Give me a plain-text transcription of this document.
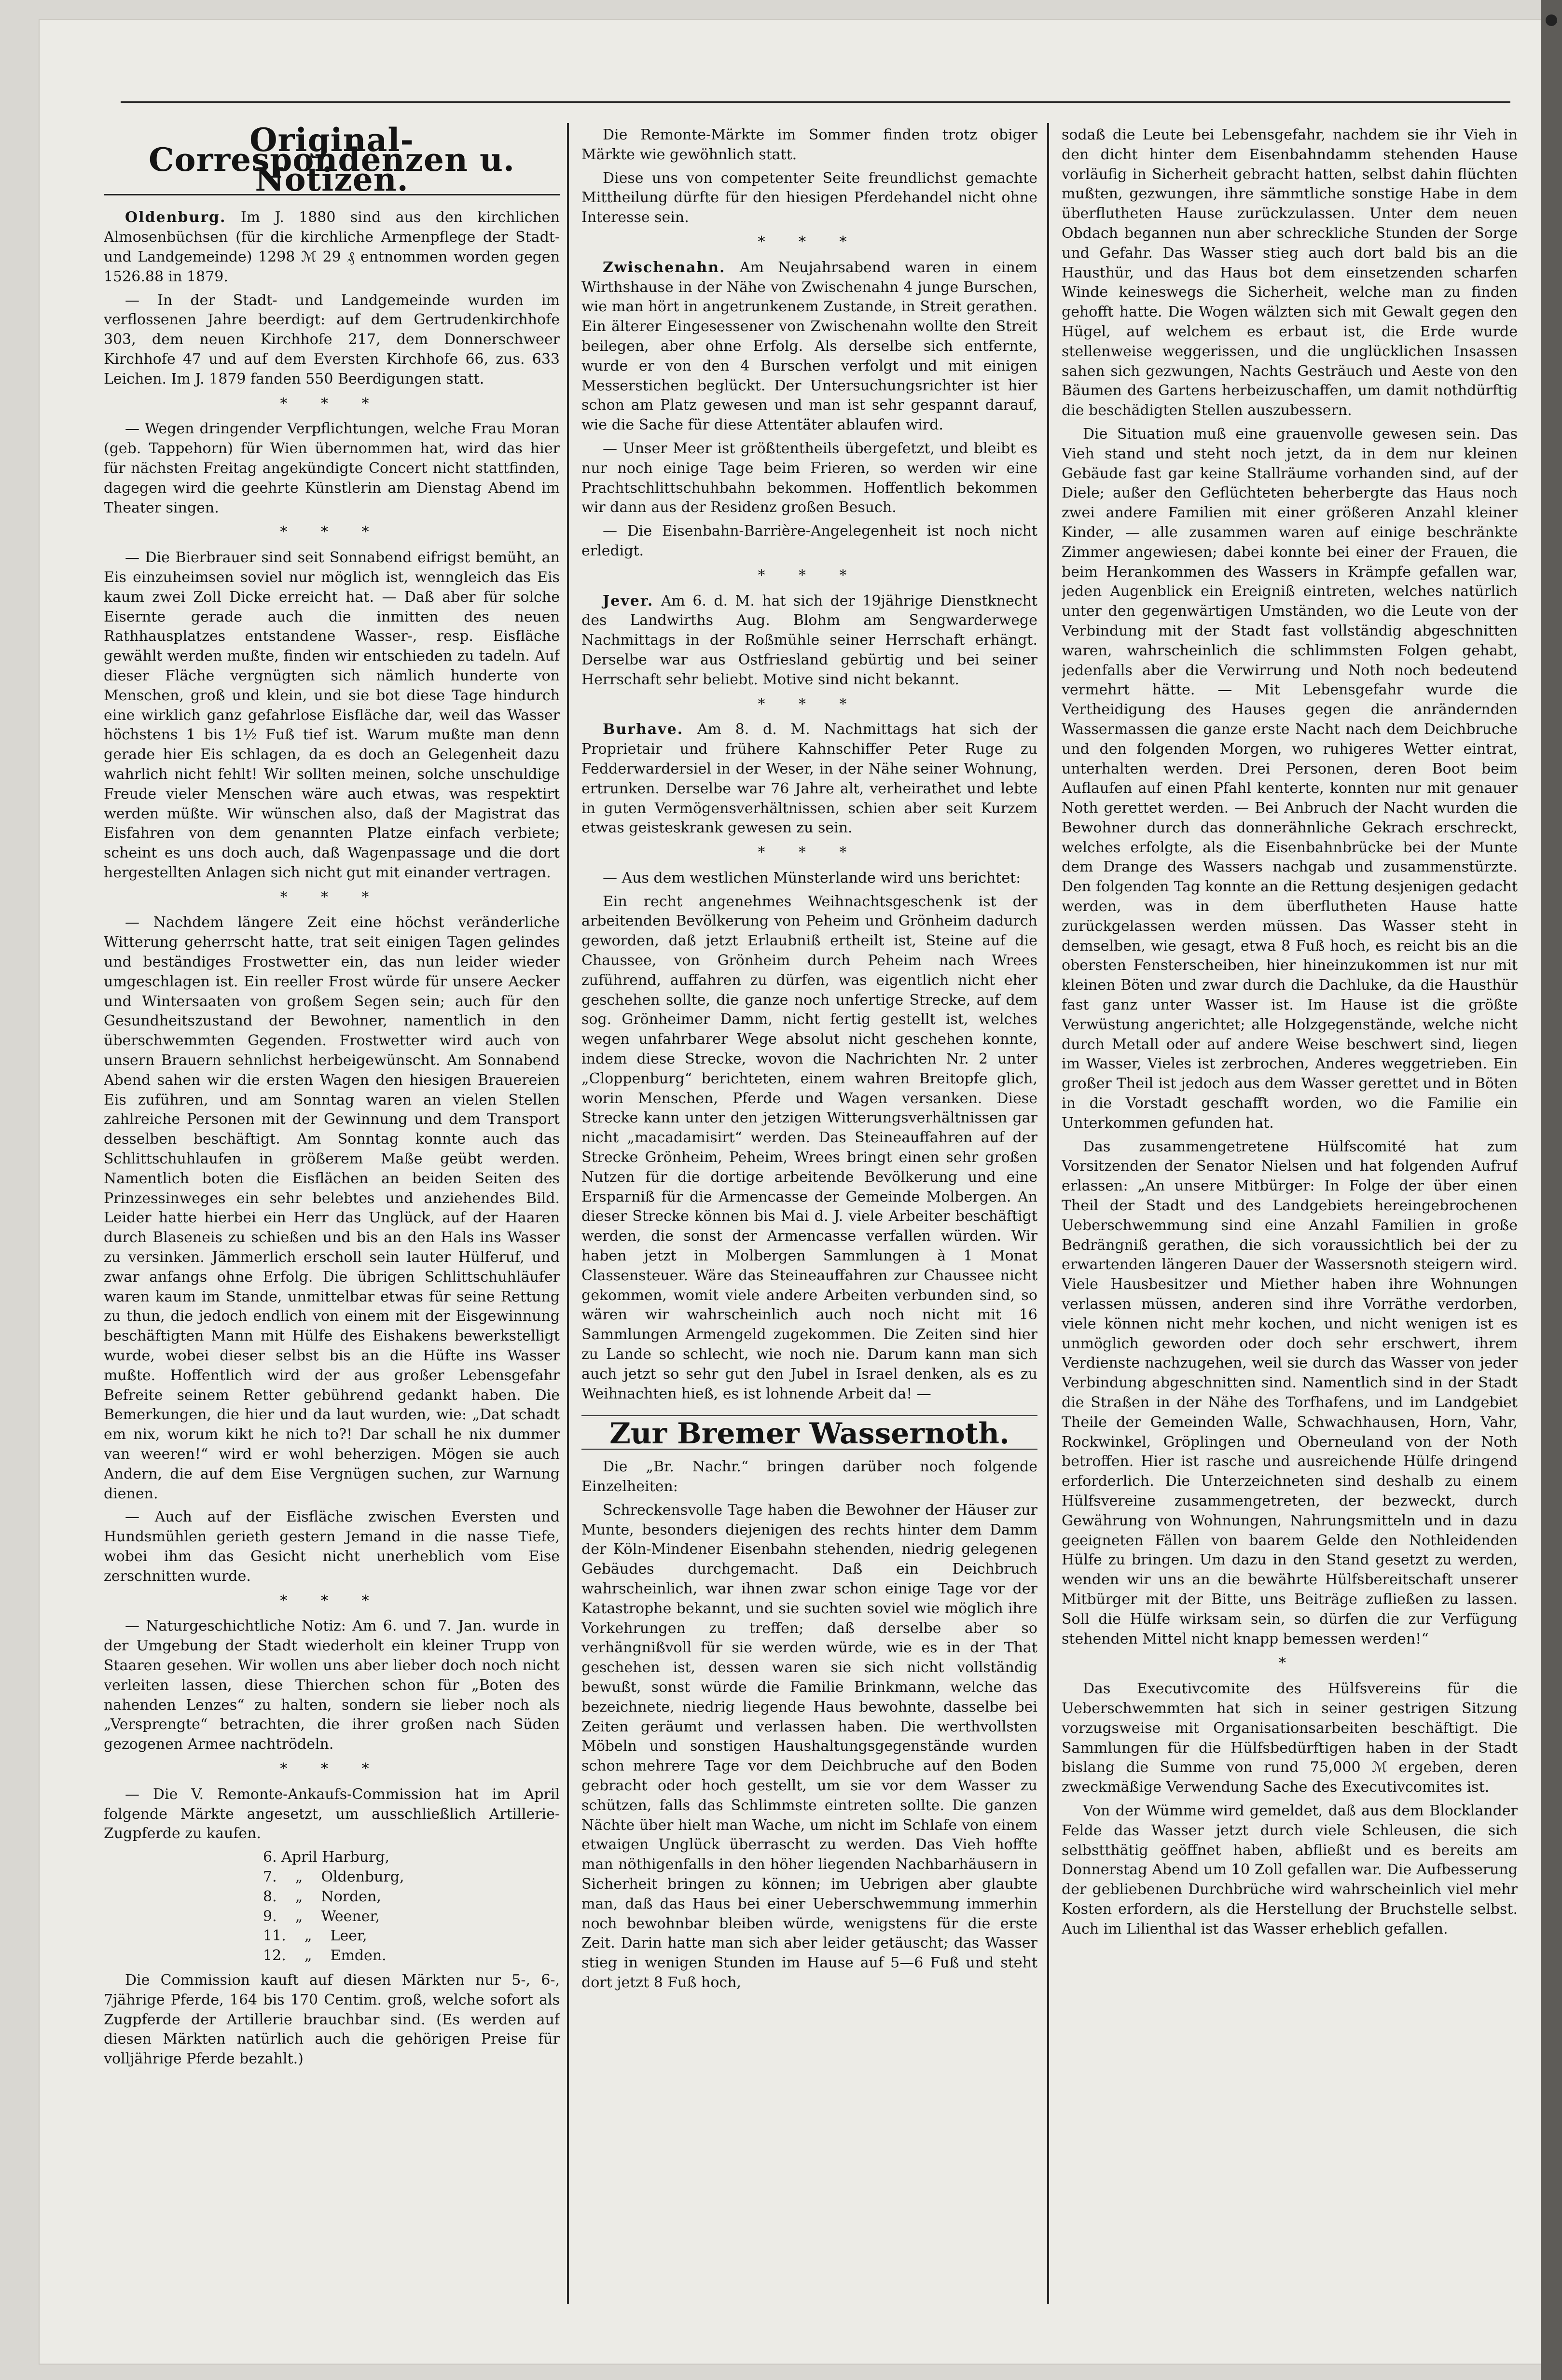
Original-Correspondenzen u. Notizen.

Oldenburg. Im J. 1880 sind aus den kirchlichen Almosenbüchsen (für die kirchliche Armenpflege der Stadt- und Landgemeinde) 1298 ℳ 29 ₰ entnommen worden gegen 1526.88 in 1879.

— In der Stadt- und Landgemeinde wurden im verflossenen Jahre beerdigt: auf dem Gertrudenkirchhofe 303, dem neuen Kirchhofe 217, dem Donnerschweer Kirchhofe 47 und auf dem Eversten Kirchhofe 66, zus. 633 Leichen. Im J. 1879 fanden 550 Beerdigungen statt.

* * *

— Wegen dringender Verpflichtungen, welche Frau Moran (geb. Tappehorn) für Wien übernommen hat, wird das hier für nächsten Freitag angekündigte Concert nicht stattfinden, dagegen wird die geehrte Künstlerin am Dienstag Abend im Theater singen.

* * *

— Die Bierbrauer sind seit Sonnabend eifrigst bemüht, an Eis einzuheimsen soviel nur möglich ist, wenngleich das Eis kaum zwei Zoll Dicke erreicht hat. — Daß aber für solche Eisernte gerade auch die inmitten des neuen Rathhausplatzes entstandene Wasser-, resp. Eisfläche gewählt werden mußte, finden wir entschieden zu tadeln. Auf dieser Fläche vergnügten sich nämlich hunderte von Menschen, groß und klein, und sie bot diese Tage hindurch eine wirklich ganz gefahrlose Eisfläche dar, weil das Wasser höchstens 1 bis 1½ Fuß tief ist. Warum mußte man denn gerade hier Eis schlagen, da es doch an Gelegenheit dazu wahrlich nicht fehlt! Wir sollten meinen, solche unschuldige Freude vieler Menschen wäre auch etwas, was respektirt werden müßte. Wir wünschen also, daß der Magistrat das Eisfahren von dem genannten Platze einfach verbiete; scheint es uns doch auch, daß Wagenpassage und die dort hergestellten Anlagen sich nicht gut mit einander vertragen.

* * *

— Nachdem längere Zeit eine höchst veränderliche Witterung geherrscht hatte, trat seit einigen Tagen gelindes und beständiges Frostwetter ein, das nun leider wieder umgeschlagen ist. Ein reeller Frost würde für unsere Aecker und Wintersaaten von großem Segen sein; auch für den Gesundheitszustand der Bewohner, namentlich in den überschwemmten Gegenden. Frostwetter wird auch von unsern Brauern sehnlichst herbeigewünscht. Am Sonnabend Abend sahen wir die ersten Wagen den hiesigen Brauereien Eis zuführen, und am Sonntag waren an vielen Stellen zahlreiche Personen mit der Gewinnung und dem Transport desselben beschäftigt. Am Sonntag konnte auch das Schlittschuhlaufen in größerem Maße geübt werden. Namentlich boten die Eisflächen an beiden Seiten des Prinzessinweges ein sehr belebtes und anziehendes Bild. Leider hatte hierbei ein Herr das Unglück, auf der Haaren durch Blaseneis zu schießen und bis an den Hals ins Wasser zu versinken. Jämmerlich erscholl sein lauter Hülferuf, und zwar anfangs ohne Erfolg. Die übrigen Schlittschuhläufer waren kaum im Stande, unmittelbar etwas für seine Rettung zu thun, die jedoch endlich von einem mit der Eisgewinnung beschäftigten Mann mit Hülfe des Eishakens bewerkstelligt wurde, wobei dieser selbst bis an die Hüfte ins Wasser mußte. Hoffentlich wird der aus großer Lebensgefahr Befreite seinem Retter gebührend gedankt haben. Die Bemerkungen, die hier und da laut wurden, wie: „Dat schadt em nix, worum kikt he nich to?! Dar schall he nix dummer van weeren!“ wird er wohl beherzigen. Mögen sie auch Andern, die auf dem Eise Vergnügen suchen, zur Warnung dienen.

— Auch auf der Eisfläche zwischen Eversten und Hundsmühlen gerieth gestern Jemand in die nasse Tiefe, wobei ihm das Gesicht nicht unerheblich vom Eise zerschnitten wurde.

* * *

— Naturgeschichtliche Notiz: Am 6. und 7. Jan. wurde in der Umgebung der Stadt wiederholt ein kleiner Trupp von Staaren gesehen. Wir wollen uns aber lieber doch noch nicht verleiten lassen, diese Thierchen schon für „Boten des nahenden Lenzes“ zu halten, sondern sie lieber noch als „Versprengte“ betrachten, die ihrer großen nach Süden gezogenen Armee nachtrödeln.

* * *

— Die V. Remonte-Ankaufs-Commission hat im April folgende Märkte angesetzt, um ausschließlich Artillerie-Zugpferde zu kaufen.

6. April Harburg,
7.    „    Oldenburg,
8.    „    Norden,
9.    „    Weener,
11.    „    Leer,
12.    „    Emden.

Die Commission kauft auf diesen Märkten nur 5-, 6-, 7jährige Pferde, 164 bis 170 Centim. groß, welche sofort als Zugpferde der Artillerie brauchbar sind. (Es werden auf diesen Märkten natürlich auch die gehörigen Preise für volljährige Pferde bezahlt.)

Die Remonte-Märkte im Sommer finden trotz obiger Märkte wie gewöhnlich statt.

Diese uns von competenter Seite freundlichst gemachte Mittheilung dürfte für den hiesigen Pferdehandel nicht ohne Interesse sein.

* * *

Zwischenahn. Am Neujahrsabend waren in einem Wirthshause in der Nähe von Zwischenahn 4 junge Burschen, wie man hört in angetrunkenem Zustande, in Streit gerathen. Ein älterer Eingesessener von Zwischenahn wollte den Streit beilegen, aber ohne Erfolg. Als derselbe sich entfernte, wurde er von den 4 Burschen verfolgt und mit einigen Messerstichen beglückt. Der Untersuchungsrichter ist hier schon am Platz gewesen und man ist sehr gespannt darauf, wie die Sache für diese Attentäter ablaufen wird.

— Unser Meer ist größtentheils übergefetzt, und bleibt es nur noch einige Tage beim Frieren, so werden wir eine Prachtschlittschuhbahn bekommen. Hoffentlich bekommen wir dann aus der Residenz großen Besuch.

— Die Eisenbahn-Barrière-Angelegenheit ist noch nicht erledigt.

* * *

Jever. Am 6. d. M. hat sich der 19jährige Dienstknecht des Landwirths Aug. Blohm am Sengwarderwege Nachmittags in der Roßmühle seiner Herrschaft erhängt. Derselbe war aus Ostfriesland gebürtig und bei seiner Herrschaft sehr beliebt. Motive sind nicht bekannt.

* * *

Burhave. Am 8. d. M. Nachmittags hat sich der Proprietair und frühere Kahnschiffer Peter Ruge zu Fedderwardersiel in der Weser, in der Nähe seiner Wohnung, ertrunken. Derselbe war 76 Jahre alt, verheirathet und lebte in guten Vermögensverhältnissen, schien aber seit Kurzem etwas geisteskrank gewesen zu sein.

* * *

— Aus dem westlichen Münsterlande wird uns berichtet:

Ein recht angenehmes Weihnachtsgeschenk ist der arbeitenden Bevölkerung von Peheim und Grönheim dadurch geworden, daß jetzt Erlaubniß ertheilt ist, Steine auf die Chaussee, von Grönheim durch Peheim nach Wrees zuführend, auffahren zu dürfen, was eigentlich nicht eher geschehen sollte, die ganze noch unfertige Strecke, auf dem sog. Grönheimer Damm, nicht fertig gestellt ist, welches wegen unfahrbarer Wege absolut nicht geschehen konnte, indem diese Strecke, wovon die Nachrichten Nr. 2 unter „Cloppenburg“ berichteten, einem wahren Breitopfe glich, worin Menschen, Pferde und Wagen versanken. Diese Strecke kann unter den jetzigen Witterungsverhältnissen gar nicht „macadamisirt“ werden. Das Steineauffahren auf der Strecke Grönheim, Peheim, Wrees bringt einen sehr großen Nutzen für die dortige arbeitende Bevölkerung und eine Ersparniß für die Armencasse der Gemeinde Molbergen. An dieser Strecke können bis Mai d. J. viele Arbeiter beschäftigt werden, die sonst der Armencasse verfallen würden. Wir haben jetzt in Molbergen Sammlungen à 1 Monat Classensteuer. Wäre das Steineauffahren zur Chaussee nicht gekommen, womit viele andere Arbeiten verbunden sind, so wären wir wahrscheinlich auch noch nicht mit 16 Sammlungen Armengeld zugekommen. Die Zeiten sind hier zu Lande so schlecht, wie noch nie. Darum kann man sich auch jetzt so sehr gut den Jubel in Israel denken, als es zu Weihnachten hieß, es ist lohnende Arbeit da! —

Zur Bremer Wassernoth.

Die „Br. Nachr.“ bringen darüber noch folgende Einzelheiten:

Schreckensvolle Tage haben die Bewohner der Häuser zur Munte, besonders diejenigen des rechts hinter dem Damm der Köln-Mindener Eisenbahn stehenden, niedrig gelegenen Gebäudes durchgemacht. Daß ein Deichbruch wahrscheinlich, war ihnen zwar schon einige Tage vor der Katastrophe bekannt, und sie suchten soviel wie möglich ihre Vorkehrungen zu treffen; daß derselbe aber so verhängnißvoll für sie werden würde, wie es in der That geschehen ist, dessen waren sie sich nicht vollständig bewußt, sonst würde die Familie Brinkmann, welche das bezeichnete, niedrig liegende Haus bewohnte, dasselbe bei Zeiten geräumt und verlassen haben. Die werthvollsten Möbeln und sonstigen Haushaltungsgegenstände wurden schon mehrere Tage vor dem Deichbruche auf den Boden gebracht oder hoch gestellt, um sie vor dem Wasser zu schützen, falls das Schlimmste eintreten sollte. Die ganzen Nächte über hielt man Wache, um nicht im Schlafe von einem etwaigen Unglück überrascht zu werden. Das Vieh hoffte man nöthigenfalls in den höher liegenden Nachbarhäusern in Sicherheit bringen zu können; im Uebrigen aber glaubte man, daß das Haus bei einer Ueberschwemmung immerhin noch bewohnbar bleiben würde, wenigstens für die erste Zeit. Darin hatte man sich aber leider getäuscht; das Wasser stieg in wenigen Stunden im Hause auf 5—6 Fuß und steht dort jetzt 8 Fuß hoch,

sodaß die Leute bei Lebensgefahr, nachdem sie ihr Vieh in den dicht hinter dem Eisenbahndamm stehenden Hause vorläufig in Sicherheit gebracht hatten, selbst dahin flüchten mußten, gezwungen, ihre sämmtliche sonstige Habe in dem überflutheten Hause zurückzulassen. Unter dem neuen Obdach begannen nun aber schreckliche Stunden der Sorge und Gefahr. Das Wasser stieg auch dort bald bis an die Hausthür, und das Haus bot dem einsetzenden scharfen Winde keineswegs die Sicherheit, welche man zu finden gehofft hatte. Die Wogen wälzten sich mit Gewalt gegen den Hügel, auf welchem es erbaut ist, die Erde wurde stellenweise weggerissen, und die unglücklichen Insassen sahen sich gezwungen, Nachts Gesträuch und Aeste von den Bäumen des Gartens herbeizuschaffen, um damit nothdürftig die beschädigten Stellen auszubessern.

Die Situation muß eine grauenvolle gewesen sein. Das Vieh stand und steht noch jetzt, da in dem nur kleinen Gebäude fast gar keine Stallräume vorhanden sind, auf der Diele; außer den Geflüchteten beherbergte das Haus noch zwei andere Familien mit einer größeren Anzahl kleiner Kinder, — alle zusammen waren auf einige beschränkte Zimmer angewiesen; dabei konnte bei einer der Frauen, die beim Herankommen des Wassers in Krämpfe gefallen war, jeden Augenblick ein Ereigniß eintreten, welches natürlich unter den gegenwärtigen Umständen, wo die Leute von der Verbindung mit der Stadt fast vollständig abgeschnitten waren, wahrscheinlich die schlimmsten Folgen gehabt, jedenfalls aber die Verwirrung und Noth noch bedeutend vermehrt hätte. — Mit Lebensgefahr wurde die Vertheidigung des Hauses gegen die anrändernden Wassermassen die ganze erste Nacht nach dem Deichbruche und den folgenden Morgen, wo ruhigeres Wetter eintrat, unterhalten werden. Drei Personen, deren Boot beim Auflaufen auf einen Pfahl kenterte, konnten nur mit genauer Noth gerettet werden. — Bei Anbruch der Nacht wurden die Bewohner durch das donnerähnliche Gekrach erschreckt, welches erfolgte, als die Eisenbahnbrücke bei der Munte dem Drange des Wassers nachgab und zusammenstürzte. Den folgenden Tag konnte an die Rettung desjenigen gedacht werden, was in dem überflutheten Hause hatte zurückgelassen werden müssen. Das Wasser steht in demselben, wie gesagt, etwa 8 Fuß hoch, es reicht bis an die obersten Fensterscheiben, hier hineinzukommen ist nur mit kleinen Böten und zwar durch die Dachluke, da die Hausthür fast ganz unter Wasser ist. Im Hause ist die größte Verwüstung angerichtet; alle Holzgegenstände, welche nicht durch Metall oder auf andere Weise beschwert sind, liegen im Wasser, Vieles ist zerbrochen, Anderes weggetrieben. Ein großer Theil ist jedoch aus dem Wasser gerettet und in Böten in die Vorstadt geschafft worden, wo die Familie ein Unterkommen gefunden hat.

Das zusammengetretene Hülfscomité hat zum Vorsitzenden der Senator Nielsen und hat folgenden Aufruf erlassen: „An unsere Mitbürger: In Folge der über einen Theil der Stadt und des Landgebiets hereingebrochenen Ueberschwemmung sind eine Anzahl Familien in große Bedrängniß gerathen, die sich voraussichtlich bei der zu erwartenden längeren Dauer der Wassersnoth steigern wird. Viele Hausbesitzer und Miether haben ihre Wohnungen verlassen müssen, anderen sind ihre Vorräthe verdorben, viele können nicht mehr kochen, und nicht wenigen ist es unmöglich geworden oder doch sehr erschwert, ihrem Verdienste nachzugehen, weil sie durch das Wasser von jeder Verbindung abgeschnitten sind. Namentlich sind in der Stadt die Straßen in der Nähe des Torfhafens, und im Landgebiet Theile der Gemeinden Walle, Schwachhausen, Horn, Vahr, Rockwinkel, Gröplingen und Oberneuland von der Noth betroffen. Hier ist rasche und ausreichende Hülfe dringend erforderlich. Die Unterzeichneten sind deshalb zu einem Hülfsvereine zusammengetreten, der bezweckt, durch Gewährung von Wohnungen, Nahrungsmitteln und in dazu geeigneten Fällen von baarem Gelde den Nothleidenden Hülfe zu bringen. Um dazu in den Stand gesetzt zu werden, wenden wir uns an die bewährte Hülfsbereitschaft unserer Mitbürger mit der Bitte, uns Beiträge zufließen zu lassen. Soll die Hülfe wirksam sein, so dürfen die zur Verfügung stehenden Mittel nicht knapp bemessen werden!“

*

Das Executivcomite des Hülfsvereins für die Ueberschwemmten hat sich in seiner gestrigen Sitzung vorzugsweise mit Organisationsarbeiten beschäftigt. Die Sammlungen für die Hülfsbedürftigen haben in der Stadt bislang die Summe von rund 75,000 ℳ ergeben, deren zweckmäßige Verwendung Sache des Executivcomites ist.

Von der Wümme wird gemeldet, daß aus dem Blocklander Felde das Wasser jetzt durch viele Schleusen, die sich selbstthätig geöffnet haben, abfließt und es bereits am Donnerstag Abend um 10 Zoll gefallen war. Die Aufbesserung der gebliebenen Durchbrüche wird wahrscheinlich viel mehr Kosten erfordern, als die Herstellung der Bruchstelle selbst. Auch im Lilienthal ist das Wasser erheblich gefallen.
